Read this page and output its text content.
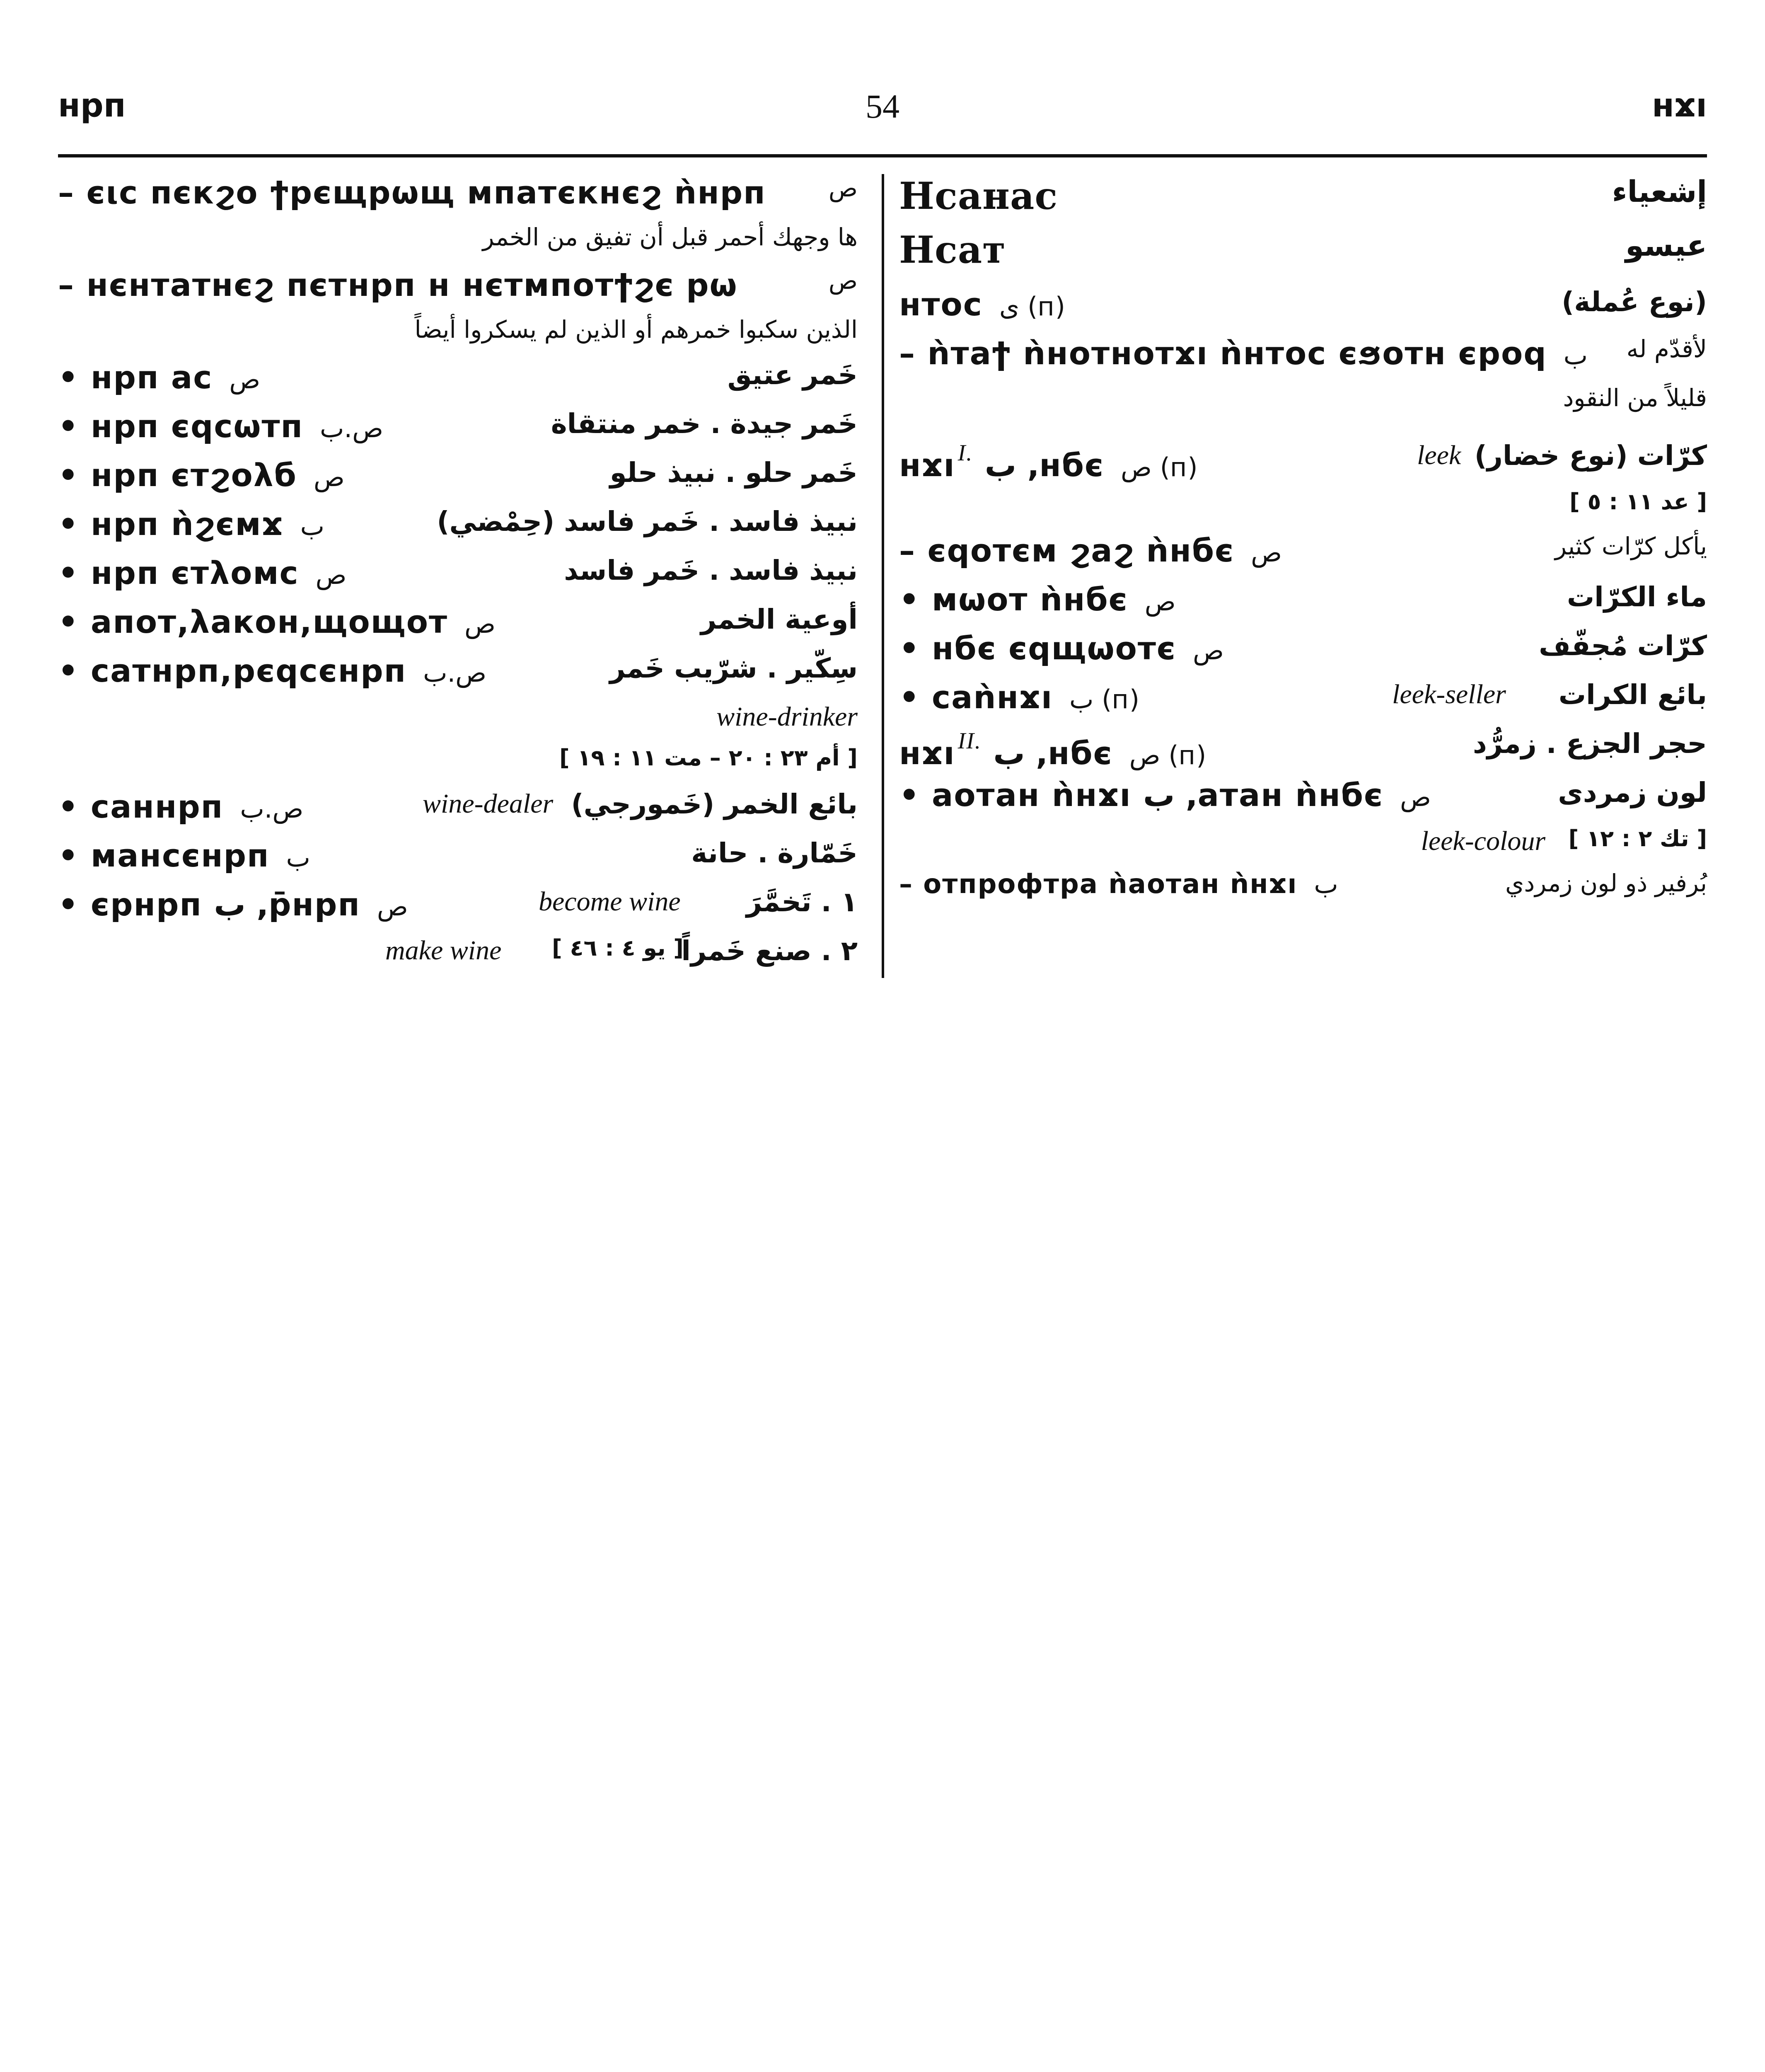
нрп	54	нϫı
– єιс пєкϩо ϯрєщрωщ мпатєкнєϩ ǹнрп	ص
ها وجهك أحمر قبل أن تفيق من الخمر
– нєнтатнєϩ пєтнрп н нєтмпотϯϩє рω	ص
الذين سكبوا خمرهم أو الذين لم يسكروا أيضاً
• нрп ас ص	خَمر عتيق
• нрп єqсωтп ص.ب	خَمر جيدة . خمر منتقاة
• нрп єтϩоλб ص	خَمر حلو . نبيذ حلو
• нрп ǹϩємϫ ب	نبيذ فاسد . خَمر فاسد (حِمْضي)
• нрп єтλомс ص	نبيذ فاسد . خَمر فاسد
• апот,λакон,щощот ص	أوعية الخمر
• сатнрп,рєqсєнрп ص.ب	سِكّير . شرّيب خَمر
wine-drinker
[ أم ٢٣ : ٢٠ – مت ١١ : ١٩ ]
• саннрп ص.ب	wine-dealer بائع الخمر (خَمورجي)
• мансєнрп ب	خَمّارة . حانة
• єрнрп ب ,р̄нрп ص	become wine ١ . تَخمَّرَ
make wine [ يو ٤ : ٤٦ ]
٢ . صنع خَمراً
Нсанас	إشعياء
Нсат	عيسو
нтос ى (п)	(نوع عُملة)
– ǹтаϯ ǹнотнотϫı ǹнтос єϧотн єроq ب لأقدّم له
قليلاً من النقود
нϫı $^{I.}$ ب ,нбє ص (п)	leek كرّات (نوع خضار)
[ عد ١١ : ٥ ]
– єqотєм ϩаϩ ǹнбє ص	يأكل كرّات كثير
• мωот ǹнбє ص	ماء الكرّات
• нбє єqщωотє ص	كرّات مُجفّف
• саǹнϫı ب (п)	leek-seller بائع الكرات
нϫı $^{II.}$ ب ,нбє ص (п)	حجر الجزع . زمرُّد
• аотан ǹнϫı ب ,атан ǹнбє ص	لون زمردى
leek-colour [ تك ٢ : ١٢ ]
– отпрофтра ǹаотан ǹнϫı ب	بُرفير ذو لون زمردي
